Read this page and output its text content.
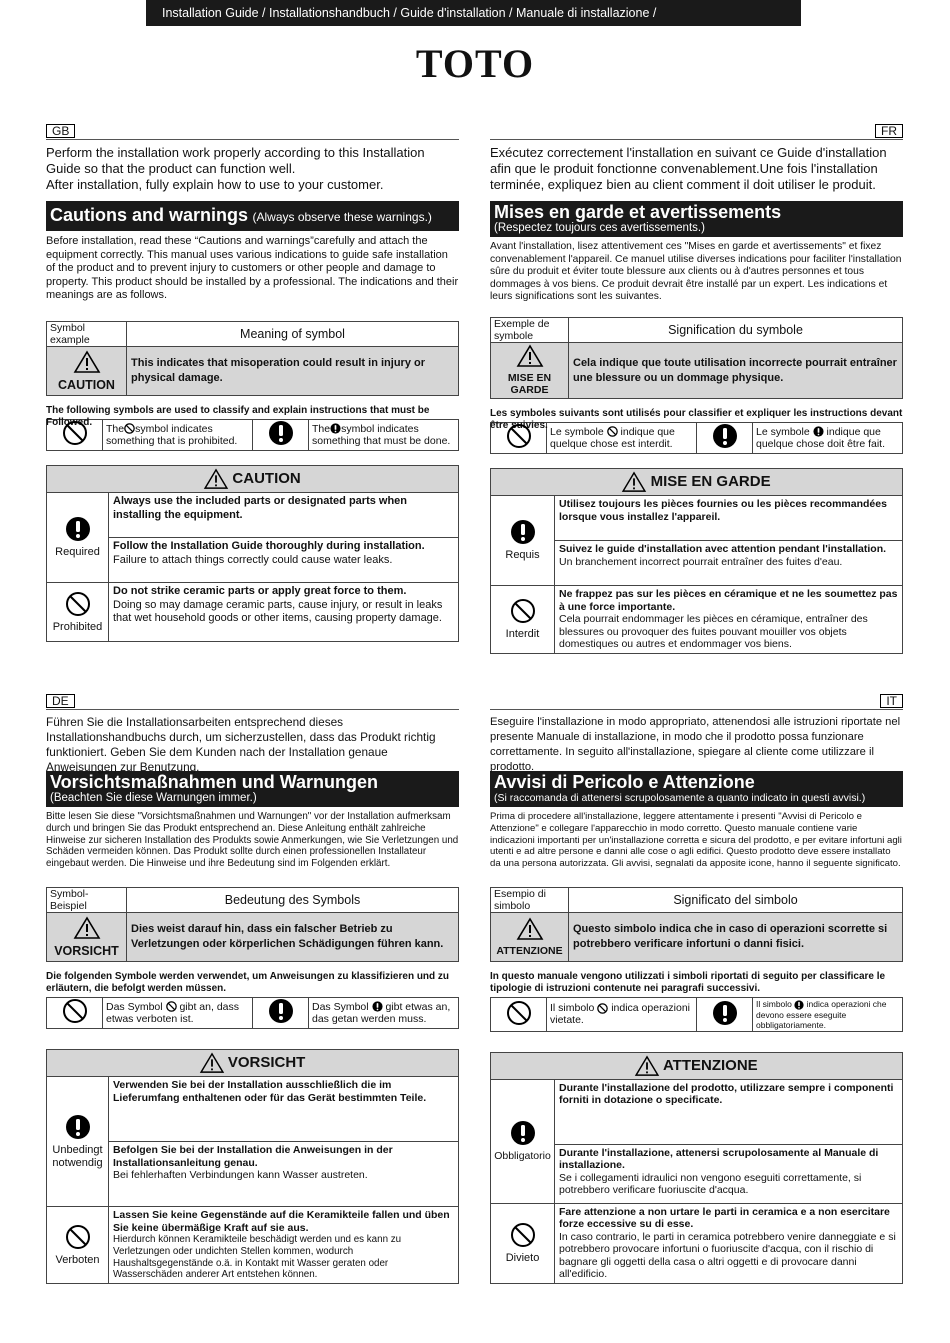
Installation Guide / Installationshandbuch / Guide d'installation / Manuale di installazione /
TOTO
GB
Perform the installation work properly according to this Installation Guide so that the product can function well.
After installation, fully explain how to use to your customer.
Cautions and warnings (Always observe these warnings.)
Before installation, read these “Cautions and warnings”carefully and attach the equipment correctly. This manual uses various indications to guide safe installation of the product and to prevent injury to customers or other people and damage to property. This product should be installed by a professional. The indications and their meanings are as follows.
Symbol example	Meaning of symbol

CAUTION	This indicates that misoperation could result in injury or physical damage.
The following symbols are used to classify and explain instructions that must be Followed.
		The symbol indicates something that is prohibited.		The symbol indicates something that must be done.
CAUTION	

Required	Always use the included parts or designated parts when installing the equipment.

	Follow the Installation Guide thoroughly during installation.
Failure to attach things correctly could cause water leaks.

Prohibited	Do not strike ceramic parts or apply great force to them.
Doing so may damage ceramic parts, cause injury, or result in leaks that wet household goods or other items, causing property damage.
FR
Exécutez correctement l'installation en suivant ce Guide d'installation afin que le produit fonctionne convenablement.Une fois l'installation terminée, expliquez bien au client comment il doit utiliser le produit.
Mises en garde et avertissements
(Respectez toujours ces avertissements.)
Avant l'installation, lisez attentivement ces "Mises en garde et avertissements" et fixez convenablement l'appareil. Ce manuel utilise diverses indications pour faciliter l'installation sûre du produit et éviter toute blessure aux clients ou à d'autres personnes et tous dommages à vos biens. Ce produit devrait être installé par un expert. Les indications et leurs significations sont les suivantes.
Exemple de symbole	Signification du symbole

MISE EN GARDE	Cela indique que toute utilisation incorrecte pourrait entraîner une blessure ou un dommage physique.
Les symboles suivants sont utilisés pour classifier et expliquer les instructions devant être suivies.
	Le symbole indique que quelque chose est interdit.		Le symbole indique que quelque chose doit être fait.
MISE EN GARDE	

Requis	Utilisez toujours les pièces fournies ou les pièces recommandées lorsque vous installez l'appareil.

	Suivez le guide d'installation avec attention pendant l'installation.
Un branchement incorrect pourrait entraîner des fuites d'eau.

Interdit	Ne frappez pas sur les pièces en céramique et ne les soumettez pas à une force importante.
Cela pourrait endommager les pièces en céramique, entraîner des blessures ou provoquer des fuites pouvant mouiller vos objets domestiques ou autres et endommager vos biens.
DE
Führen Sie die Installationsarbeiten entsprechend dieses Installationshandbuchs durch, um sicherzustellen, dass das Produkt richtig funktioniert. Geben Sie dem Kunden nach der Installation genaue Anweisungen zur Benutzung.
Vorsichtsmaßnahmen und Warnungen
(Beachten Sie diese Warnungen immer.)
Bitte lesen Sie diese "Vorsichtsmaßnahmen und Warnungen" vor der Installation aufmerksam durch und bringen Sie das Produkt entsprechend an. Diese Anleitung enthält zahlreiche Hinweise zur sicheren Installation des Produkts sowie Anmerkungen, wie Sie Verletzungen und Schäden vermeiden können. Das Produkt sollte durch einen professionellen Installateur eingebaut werden. Die Hinweise und ihre Bedeutung sind im Folgenden erklärt.
Symbol-Beispiel	Bedeutung des Symbols

VORSICHT	Dies weist darauf hin, dass ein falscher Betrieb zu Verletzungen oder körperlichen Schädigungen führen kann.
Die folgenden Symbole werden verwendet, um Anweisungen zu klassifizieren und zu erläutern, die befolgt werden müssen.
	Das Symbol gibt an, dass etwas verboten ist.		Das Symbol gibt etwas an, das getan werden muss.
VORSICHT	

Unbedingt notwendig	Verwenden Sie bei der Installation ausschließlich die im Lieferumfang enthaltenen oder für das Gerät bestimmten Teile.

	Befolgen Sie bei der Installation die Anweisungen in der Installationsanleitung genau.
Bei fehlerhaften Verbindungen kann Wasser austreten.

Verboten	Lassen Sie keine Gegenstände auf die Keramikteile fallen und üben Sie keine übermäßige Kraft auf sie aus.
Hierdurch können Keramikteile beschädigt werden und es kann zu Verletzungen oder undichten Stellen kommen, wodurch Haushaltsgegenstände o.ä. in Kontakt mit Wasser geraten oder Wasserschäden anderer Art entstehen können.
IT
Eseguire l'installazione in modo appropriato, attenendosi alle istruzioni riportate nel presente Manuale di installazione, in modo che il prodotto possa funzionare correttamente. In seguito all'installazione, spiegare al cliente come utilizzare il prodotto.
Avvisi di Pericolo e Attenzione
(Si raccomanda di attenersi scrupolosamente a quanto indicato in questi avvisi.)
Prima di procedere all'installazione, leggere attentamente i presenti "Avvisi di Pericolo e Attenzione" e collegare l'apparecchio in modo corretto. Questo manuale contiene varie indicazioni importanti per un'installazione corretta e sicura del prodotto, e per evitare infortuni agli utenti e ad altre persone e danni alle cose o agli edifici. Questo prodotto deve essere installato da una persona autorizzata. Gli avvisi, segnalati da apposite icone, hanno il seguente significato.
Esempio di simbolo	Significato del simbolo

ATTENZIONE	Questo simbolo indica che in caso di operazioni scorrette si potrebbero verificare infortuni o danni fisici.
In questo manuale vengono utilizzati i simboli riportati di seguito per classificare le tipologie di istruzioni contenute nei paragrafi successivi.
	Il simbolo indica operazioni vietate.		Il simbolo indica operazioni che devono essere eseguite obbligatoriamente.
ATTENZIONE	

Obbligatorio	Durante l'installazione del prodotto, utilizzare sempre i componenti forniti in dotazione o specificate.

	Durante l'installazione, attenersi scrupolosamente al Manuale di installazione.
Se i collegamenti idraulici non vengono eseguiti correttamente, si potrebbero verificare fuoriuscite d'acqua.

Divieto	Fare attenzione a non urtare le parti in ceramica e a non esercitare forze eccessive su di esse.
In caso contrario, le parti in ceramica potrebbero venire danneggiate e si potrebbero provocare infortuni o fuoriuscite d'acqua, con il rischio di bagnare gli oggetti della casa o altri oggetti e di provocare danni all'edificio.
